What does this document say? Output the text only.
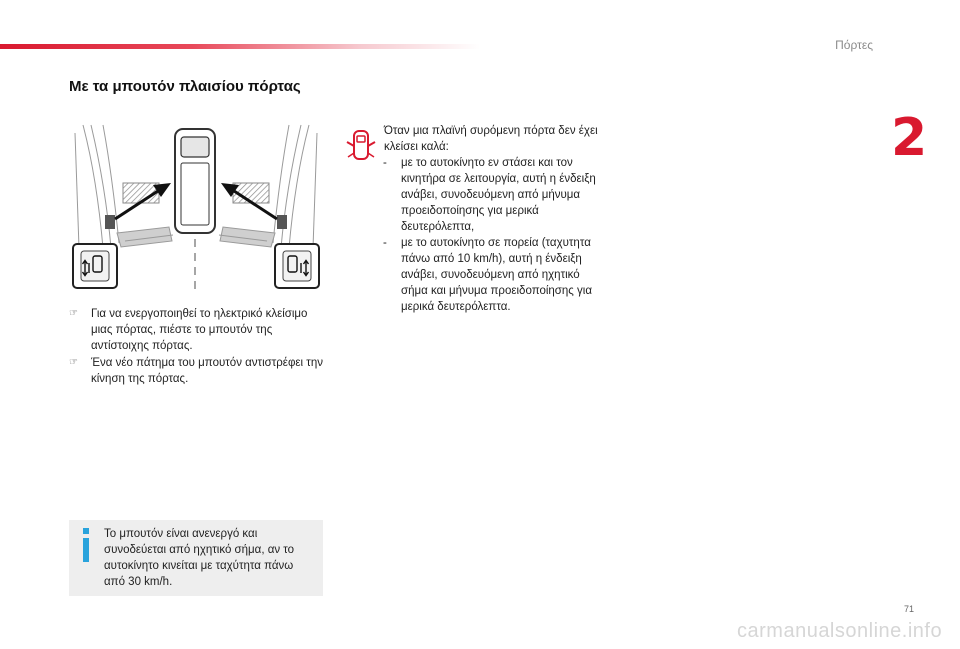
Πόρτες
2
Με τα μπουτόν πλαισίου πόρτας

☞ Για να ενεργοποιηθεί το ηλεκτρικό κλείσιμο μιας πόρτας, πιέστε το μπουτόν της αντίστοιχης πόρτας.

☞ Ένα νέο πάτημα του μπουτόν αντιστρέφει την κίνηση της πόρτας.

Όταν μια πλαϊνή συρόμενη πόρτα δεν έχει κλείσει καλά:

- με το αυτοκίνητο εν στάσει και τον κινητήρα σε λειτουργία, αυτή η ένδειξη ανάβει, συνοδευόμενη από μήνυμα προειδοποίησης για μερικά δευτερόλεπτα,

- με το αυτοκίνητο σε πορεία (ταχυτητα πάνω από 10 km/h), αυτή η ένδειξη ανάβει, συνοδευόμενη από ηχητικό σήμα και μήνυμα προειδοποίησης για μερικά δευτερόλεπτα.

Το μπουτόν είναι ανενεργό και συνοδεύεται από ηχητικό σήμα, αν το αυτοκίνητο κινείται με ταχύτητα πάνω από 30 km/h.
71
carmanualsonline.info
